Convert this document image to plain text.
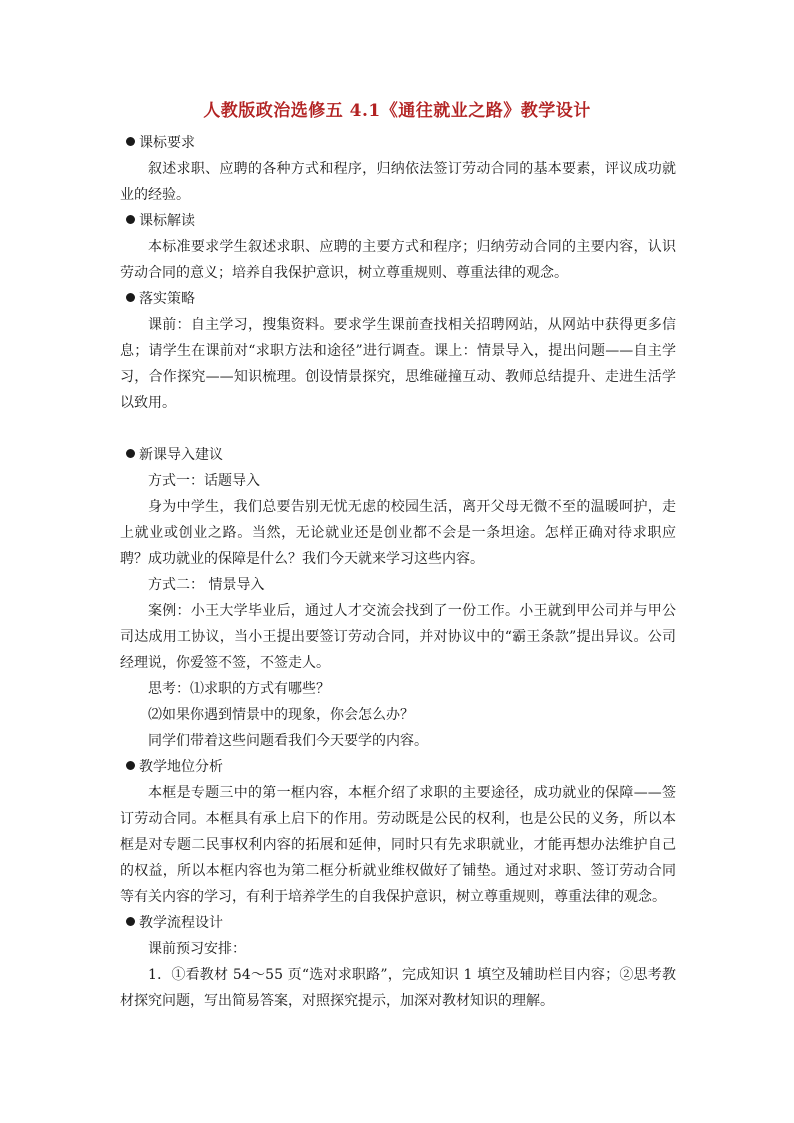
人教版政治选修五 4.1《通往就业之路》教学设计
课标要求

叙述求职、应聘的各种方式和程序，归纳依法签订劳动合同的基本要素，评议成功就业的经验。

课标解读

本标准要求学生叙述求职、应聘的主要方式和程序；归纳劳动合同的主要内容，认识劳动合同的意义；培养自我保护意识，树立尊重规则、尊重法律的观念。

落实策略

课前：自主学习，搜集资料。要求学生课前查找相关招聘网站，从网站中获得更多信息；请学生在课前对“求职方法和途径”进行调查。课上：情景导入，提出问题——自主学习，合作探究——知识梳理。创设情景探究，思维碰撞互动、教师总结提升、走进生活学以致用。

新课导入建议

方式一：话题导入

身为中学生，我们总要告别无忧无虑的校园生活，离开父母无微不至的温暖呵护，走上就业或创业之路。当然，无论就业还是创业都不会是一条坦途。怎样正确对待求职应聘？成功就业的保障是什么？我们今天就来学习这些内容。

方式二： 情景导入

案例：小王大学毕业后，通过人才交流会找到了一份工作。小王就到甲公司并与甲公司达成用工协议，当小王提出要签订劳动合同，并对协议中的“霸王条款”提出异议。公司经理说，你爱签不签，不签走人。

思考：⑴求职的方式有哪些？

⑵如果你遇到情景中的现象，你会怎么办？

同学们带着这些问题看我们今天要学的内容。

教学地位分析

本框是专题三中的第一框内容，本框介绍了求职的主要途径，成功就业的保障——签订劳动合同。本框具有承上启下的作用。劳动既是公民的权利，也是公民的义务，所以本框是对专题二民事权利内容的拓展和延伸，同时只有先求职就业，才能再想办法维护自己的权益，所以本框内容也为第二框分析就业维权做好了铺垫。通过对求职、签订劳动合同等有关内容的学习，有利于培养学生的自我保护意识，树立尊重规则，尊重法律的观念。

教学流程设计

课前预习安排：

1．①看教材 54～55 页“选对求职路”，完成知识 1 填空及辅助栏目内容；②思考教材探究问题，写出简易答案，对照探究提示，加深对教材知识的理解。
